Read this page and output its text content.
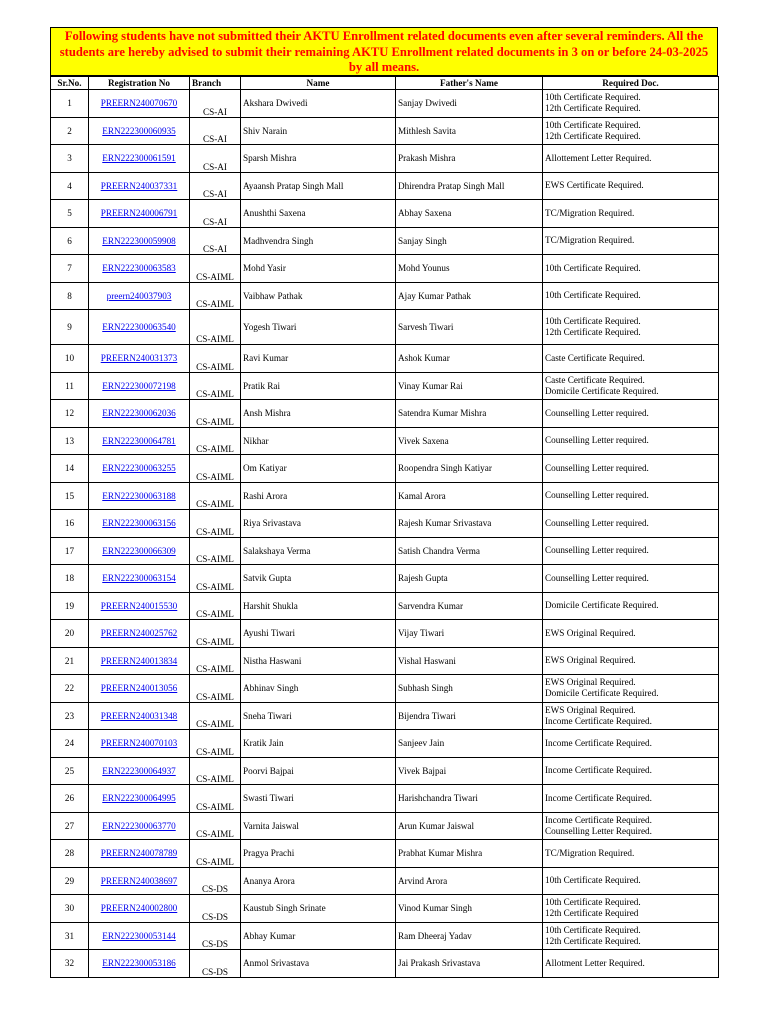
Following students have not submitted their AKTU Enrollment related documents even after several reminders. All the students are hereby advised to submit their remaining AKTU Enrollment related documents in 3 on or before 24-03-2025 by all means.
Sr.No.	Registration No	Branch	Name	Father's Name	Required Doc.
1	PREERN240070670	CS-AI	Akshara Dwivedi	Sanjay Dwivedi	10th Certificate Required.
12th Certificate Required.

2	ERN222300060935	CS-AI	Shiv Narain	Mithlesh Savita	10th Certificate Required.
12th Certificate Required.

3	ERN222300061591	CS-AI	Sparsh Mishra	Prakash Mishra	Allottement Letter Required.

4	PREERN240037331	CS-AI	Ayaansh Pratap Singh Mall	Dhirendra Pratap Singh Mall	EWS Certificate Required.

5	PREERN240006791	CS-AI	Anushthi Saxena	Abhay Saxena	TC/Migration Required.

6	ERN222300059908	CS-AI	Madhvendra Singh	Sanjay Singh	TC/Migration Required.

7	ERN222300063583	CS-AIML	Mohd Yasir	Mohd Younus	10th Certificate Required.

8	preern240037903	CS-AIML	Vaibhaw Pathak	Ajay Kumar Pathak	10th Certificate Required.

9	ERN222300063540	CS-AIML	Yogesh Tiwari	Sarvesh Tiwari	10th Certificate Required.
12th Certificate Required.

10	PREERN240031373	CS-AIML	Ravi Kumar	Ashok Kumar	Caste Certificate Required.

11	ERN222300072198	CS-AIML	Pratik Rai	Vinay Kumar Rai	Caste Certificate Required.
Domicile Certificate Required.

12	ERN222300062036	CS-AIML	Ansh Mishra	Satendra Kumar Mishra	Counselling Letter required.

13	ERN222300064781	CS-AIML	Nikhar	Vivek Saxena	Counselling Letter required.

14	ERN222300063255	CS-AIML	Om Katiyar	Roopendra Singh Katiyar	Counselling Letter required.

15	ERN222300063188	CS-AIML	Rashi Arora	Kamal Arora	Counselling Letter required.

16	ERN222300063156	CS-AIML	Riya Srivastava	Rajesh Kumar Srivastava	Counselling Letter required.

17	ERN222300066309	CS-AIML	Salakshaya Verma	Satish Chandra Verma	Counselling Letter required.

18	ERN222300063154	CS-AIML	Satvik Gupta	Rajesh Gupta	Counselling Letter required.

19	PREERN240015530	CS-AIML	Harshit Shukla	Sarvendra Kumar	Domicile Certificate Required.

20	PREERN240025762	CS-AIML	Ayushi Tiwari	Vijay Tiwari	EWS Original Required.

21	PREERN240013834	CS-AIML	Nistha Haswani	Vishal Haswani	EWS Original Required.

22	PREERN240013056	CS-AIML	Abhinav Singh	Subhash Singh	EWS Original Required.
Domicile Certificate Required.

23	PREERN240031348	CS-AIML	Sneha Tiwari	Bijendra Tiwari	EWS Original Required.
Income Certificate Required.

24	PREERN240070103	CS-AIML	Kratik Jain	Sanjeev Jain	Income Certificate Required.

25	ERN222300064937	CS-AIML	Poorvi Bajpai	Vivek Bajpai	Income Certificate Required.

26	ERN222300064995	CS-AIML	Swasti Tiwari	Harishchandra Tiwari	Income Certificate Required.

27	ERN222300063770	CS-AIML	Varnita Jaiswal	Arun Kumar Jaiswal	Income Certificate Required.
Counselling Letter Required.

28	PREERN240078789	CS-AIML	Pragya Prachi	Prabhat Kumar Mishra	TC/Migration Required.

29	PREERN240038697	CS-DS	Ananya Arora	Arvind Arora	10th Certificate Required.

30	PREERN240002800	CS-DS	Kaustub Singh Srinate	Vinod Kumar Singh	10th Certificate Required.
12th Certificate Required

31	ERN222300053144	CS-DS	Abhay Kumar	Ram Dheeraj Yadav	10th Certificate Required.
12th Certificate Required.

32	ERN222300053186	CS-DS	Anmol Srivastava	Jai Prakash Srivastava	Allotment Letter Required.
